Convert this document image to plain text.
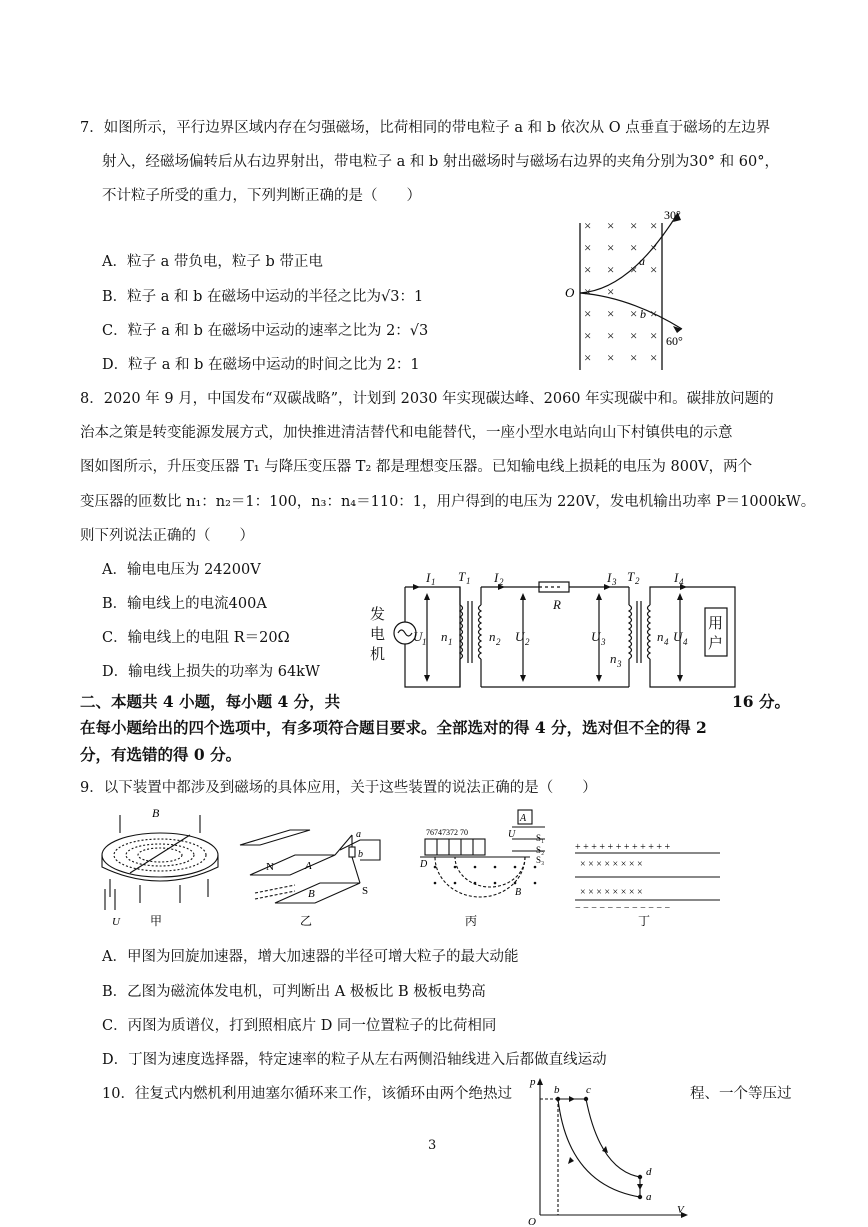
7．如图所示，平行边界区域内存在匀强磁场，比荷相同的带电粒子 a 和 b 依次从 O 点垂直于磁场的左边界
射入，经磁场偏转后从右边界射出，带电粒子 a 和 b 射出磁场时与磁场右边界的夹角分别为30° 和 60°，
不计粒子所受的重力，下列判断正确的是（　　）
A．粒子 a 带负电，粒子 b 带正电
B．粒子 a 和 b 在磁场中运动的半径之比为√3：1
C．粒子 a 和 b 在磁场中运动的速率之比为 2：√3
D．粒子 a 和 b 在磁场中运动的时间之比为 2：1
× × × ×
× × × ×
× × × ×
× ×
× × × ×
× × × ×
× × × ×
O
a
b
30°
60°
8．2020 年 9 月，中国发布“双碳战略”，计划到 2030 年实现碳达峰、2060 年实现碳中和。碳排放问题的
治本之策是转变能源发展方式，加快推进清洁替代和电能替代，一座小型水电站向山下村镇供电的示意
图如图所示，升压变压器 T₁ 与降压变压器 T₂ 都是理想变压器。已知输电线上损耗的电压为 800V，两个
变压器的匝数比 n₁：n₂＝1：100，n₃：n₄＝110：1，用户得到的电压为 220V，发电机输出功率 P＝1000kW。
则下列说法正确的（　　）
A．输电电压为 24200V
B．输电线上的电流400A
C．输电线上的电阻 R＝20Ω
D．输电线上损失的功率为 64kW
I 1 T 1 I 2
R
I 3 T 2	I 4
U 1 n 1	n 2 U 2	U 3
n 3
n 4 U 4
发
电
机
用
户
二、本题共 4 小题，每小题 4 分，共	16 分。
在每小题给出的四个选项中，有多项符合题目要求。全部选对的得 4 分，选对但不全的得 2
分，有选错的得 0 分。
9．以下装置中都涉及到磁场的具体应用，关于这些装置的说法正确的是（　　）
B
U
N	A
B	S
a
b
76747372 70
A
U S₁
S₂
S₃
D
B
+ + + + + + + + + + + +
× × × × × × × ×
× × × × × × × ×
− − − − − − − − − − − −
甲	乙	丙	丁
A．甲图为回旋加速器，增大加速器的半径可增大粒子的最大动能
B．乙图为磁流体发电机，可判断出 A 极板比 B 极板电势高
C．丙图为质谱仪，打到照相底片 D 同一位置粒子的比荷相同
D．丁图为速度选择器，特定速率的粒子从左右两侧沿轴线进入后都做直线运动
10．往复式内燃机利用迪塞尔循环来工作，该循环由两个绝热过	程、一个等压过
p
V
O
b c
d
a
3
